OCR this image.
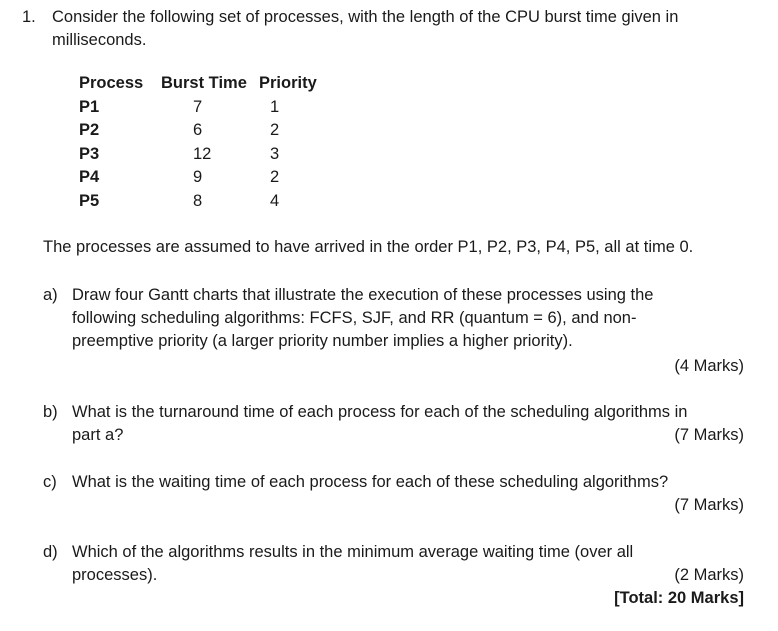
1. Consider the following set of processes, with the length of the CPU burst time given in
milliseconds.
Process	Burst Time	Priority
P1	7	1
P2	6	2
P3	12	3
P4	9	2
P5	8	4
The processes are assumed to have arrived in the order P1, P2, P3, P4, P5, all at time 0.
a) Draw four Gantt charts that illustrate the execution of these processes using the
following scheduling algorithms: FCFS, SJF, and RR (quantum = 6), and non-
preemptive priority (a larger priority number implies a higher priority).
(4 Marks)
b) What is the turnaround time of each process for each of the scheduling algorithms in
part a?	(7 Marks)
c) What is the waiting time of each process for each of these scheduling algorithms?
(7 Marks)
d) Which of the algorithms results in the minimum average waiting time (over all
processes).	(2 Marks)
[Total: 20 Marks]
